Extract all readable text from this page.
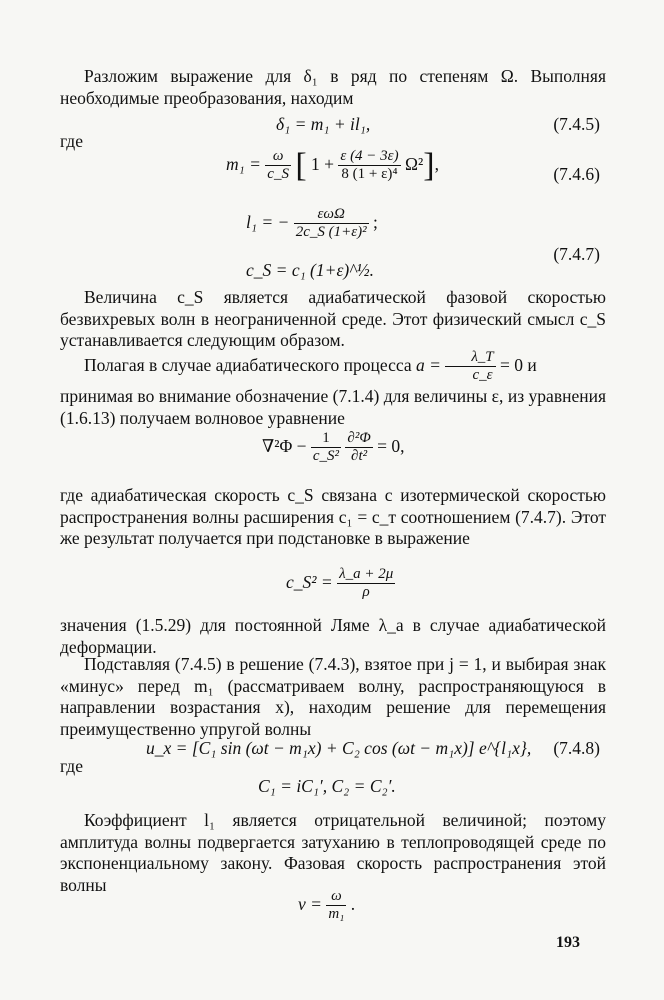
Разложим выражение для δ₁ в ряд по степеням Ω. Выполняя необходимые преобразования, находим

δ₁ = m₁ + il₁,	(7.4.5)
где
$m_1 = \frac{\omega}{c\_S}$ [ $1 + \frac{\varepsilon (4 - 3\varepsilon)}{\text{8 (1 + ε)⁴}} \Omega^2$],
(7.4.6)
l₁ = − $\frac{\text{εωΩ}}{\text{2c\_S (1+ε)²}}$ ;
(7.4.7)
c_S = c₁ (1+ε)^½.

Величина c_S является адиабатической фазовой скоростью безвихревых волн в неограниченной среде. Этот физический смысл c_S устанавливается следующим образом.

Полагая в случае адиабатического процесса $a = \frac{\lambda\_T}{c\_\varepsilon} = 0$ и

принимая во внимание обозначение (7.1.4) для величины ε, из уравнения (1.6.13) получаем волновое уравнение

$\nabla^2\Phi - \frac{1}{\text{c\_S²}}$
$\frac{\text{∂²Φ}}{\text{∂t²}} = 0$,

где адиабатическая скорость c_S связана с изотермической скоростью распространения волны расширения c₁ = c_т соотношением (7.4.7). Этот же результат получается при подстановке в выражение

c_S² = $\frac{\lambda\_a + 2\mu}{\rho}$

значения (1.5.29) для постоянной Ляме λ_a в случае адиабатической деформации.

Подставляя (7.4.5) в решение (7.4.3), взятое при j = 1, и выбирая знак «минус» перед m₁ (рассматриваем волну, распространяющуюся в направлении возрастания x), находим решение для перемещения преимущественно упругой волны

u_x = [C₁ sin (ωt − m₁x) + C₂ cos (ωt − m₁x)] e^{l₁x}, (7.4.8)
где
C₁ = iC₁′, C₂ = C₂′.

Коэффициент l₁ является отрицательной величиной; поэтому амплитуда волны подвергается затуханию в теплопроводящей среде по экспоненциальному закону. Фазовая скорость распространения этой волны

$v = \frac{\omega}{\text{m₁}}$ .
193
